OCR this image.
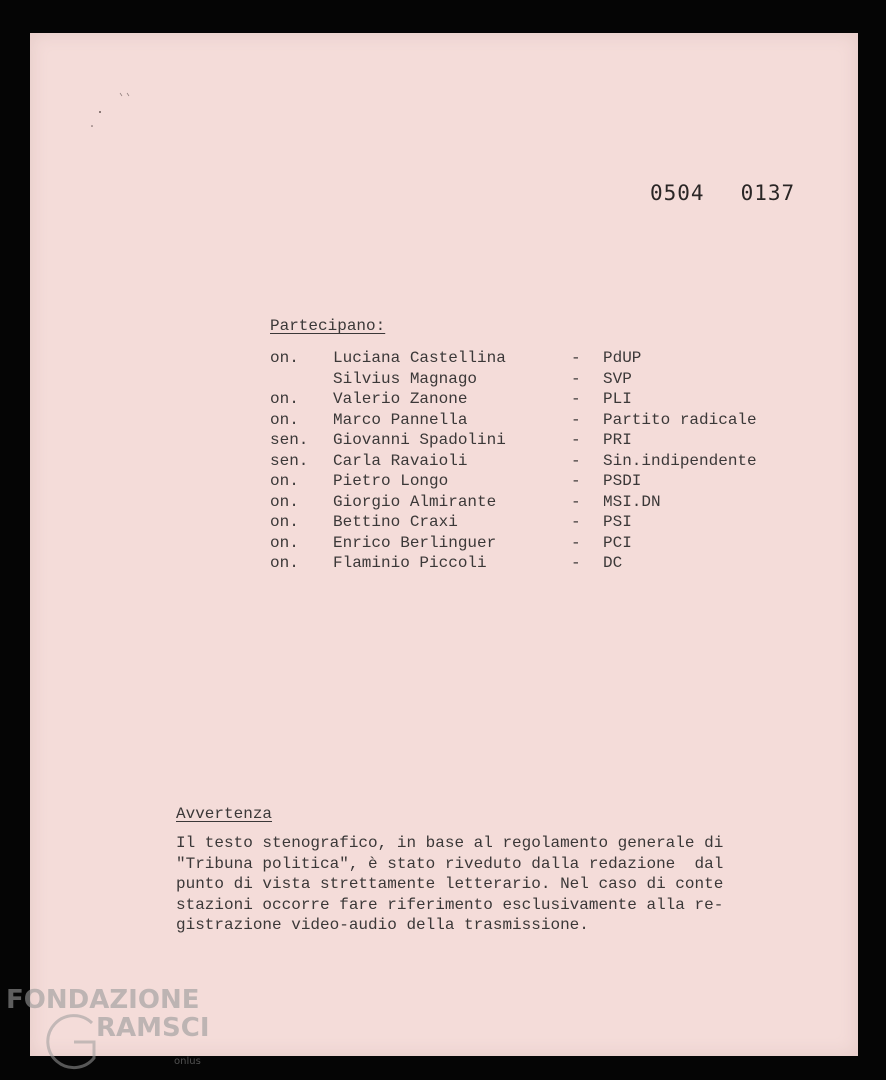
0504 0137
Partecipano:
on. Luciana Castellina	- PdUP
Silvius Magnago	- SVP
on. Valerio Zanone	- PLI
on. Marco Pannella	- Partito radicale
sen. Giovanni Spadolini	- PRI
sen. Carla Ravaioli	- Sin.indipendente
on. Pietro Longo	- PSDI
on. Giorgio Almirante	- MSI.DN
on. Bettino Craxi	- PSI
on. Enrico Berlinguer	- PCI
on. Flaminio Piccoli	- DC
Avvertenza
Il testo stenografico, in base al regolamento generale di
"Tribuna politica", è stato riveduto dalla redazione  dal
punto di vista strettamente letterario. Nel caso di conte
stazioni occorre fare riferimento esclusivamente alla re-
gistrazione video-audio della trasmissione.
FONDAZIONE
RAMSCI
onlus
